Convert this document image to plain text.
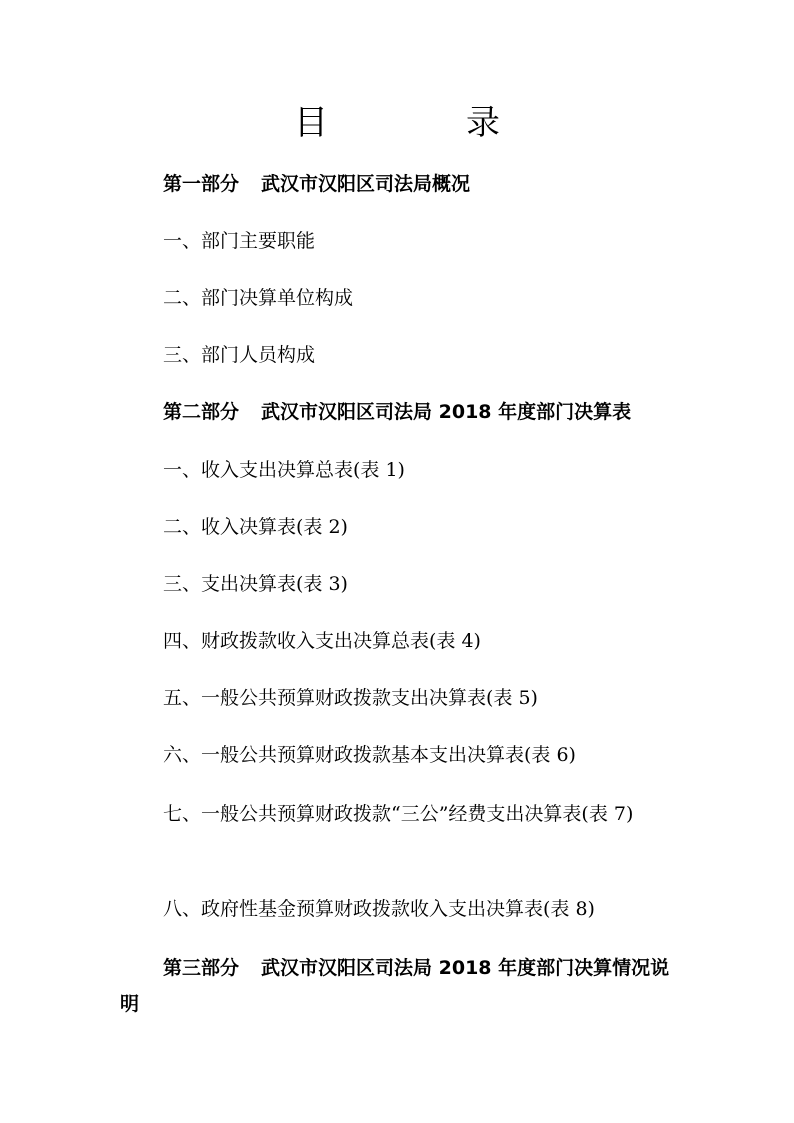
目　录
第一部分 武汉市汉阳区司法局概况
一、部门主要职能
二、部门决算单位构成
三、部门人员构成
第二部分 武汉市汉阳区司法局 2018 年度部门决算表
一、收入支出决算总表(表 1)
二、收入决算表(表 2)
三、支出决算表(表 3)
四、财政拨款收入支出决算总表(表 4)
五、一般公共预算财政拨款支出决算表(表 5)
六、一般公共预算财政拨款基本支出决算表(表 6)
七、一般公共预算财政拨款“三公”经费支出决算表(表 7)
八、政府性基金预算财政拨款收入支出决算表(表 8)
第三部分 武汉市汉阳区司法局 2018 年度部门决算情况说明
